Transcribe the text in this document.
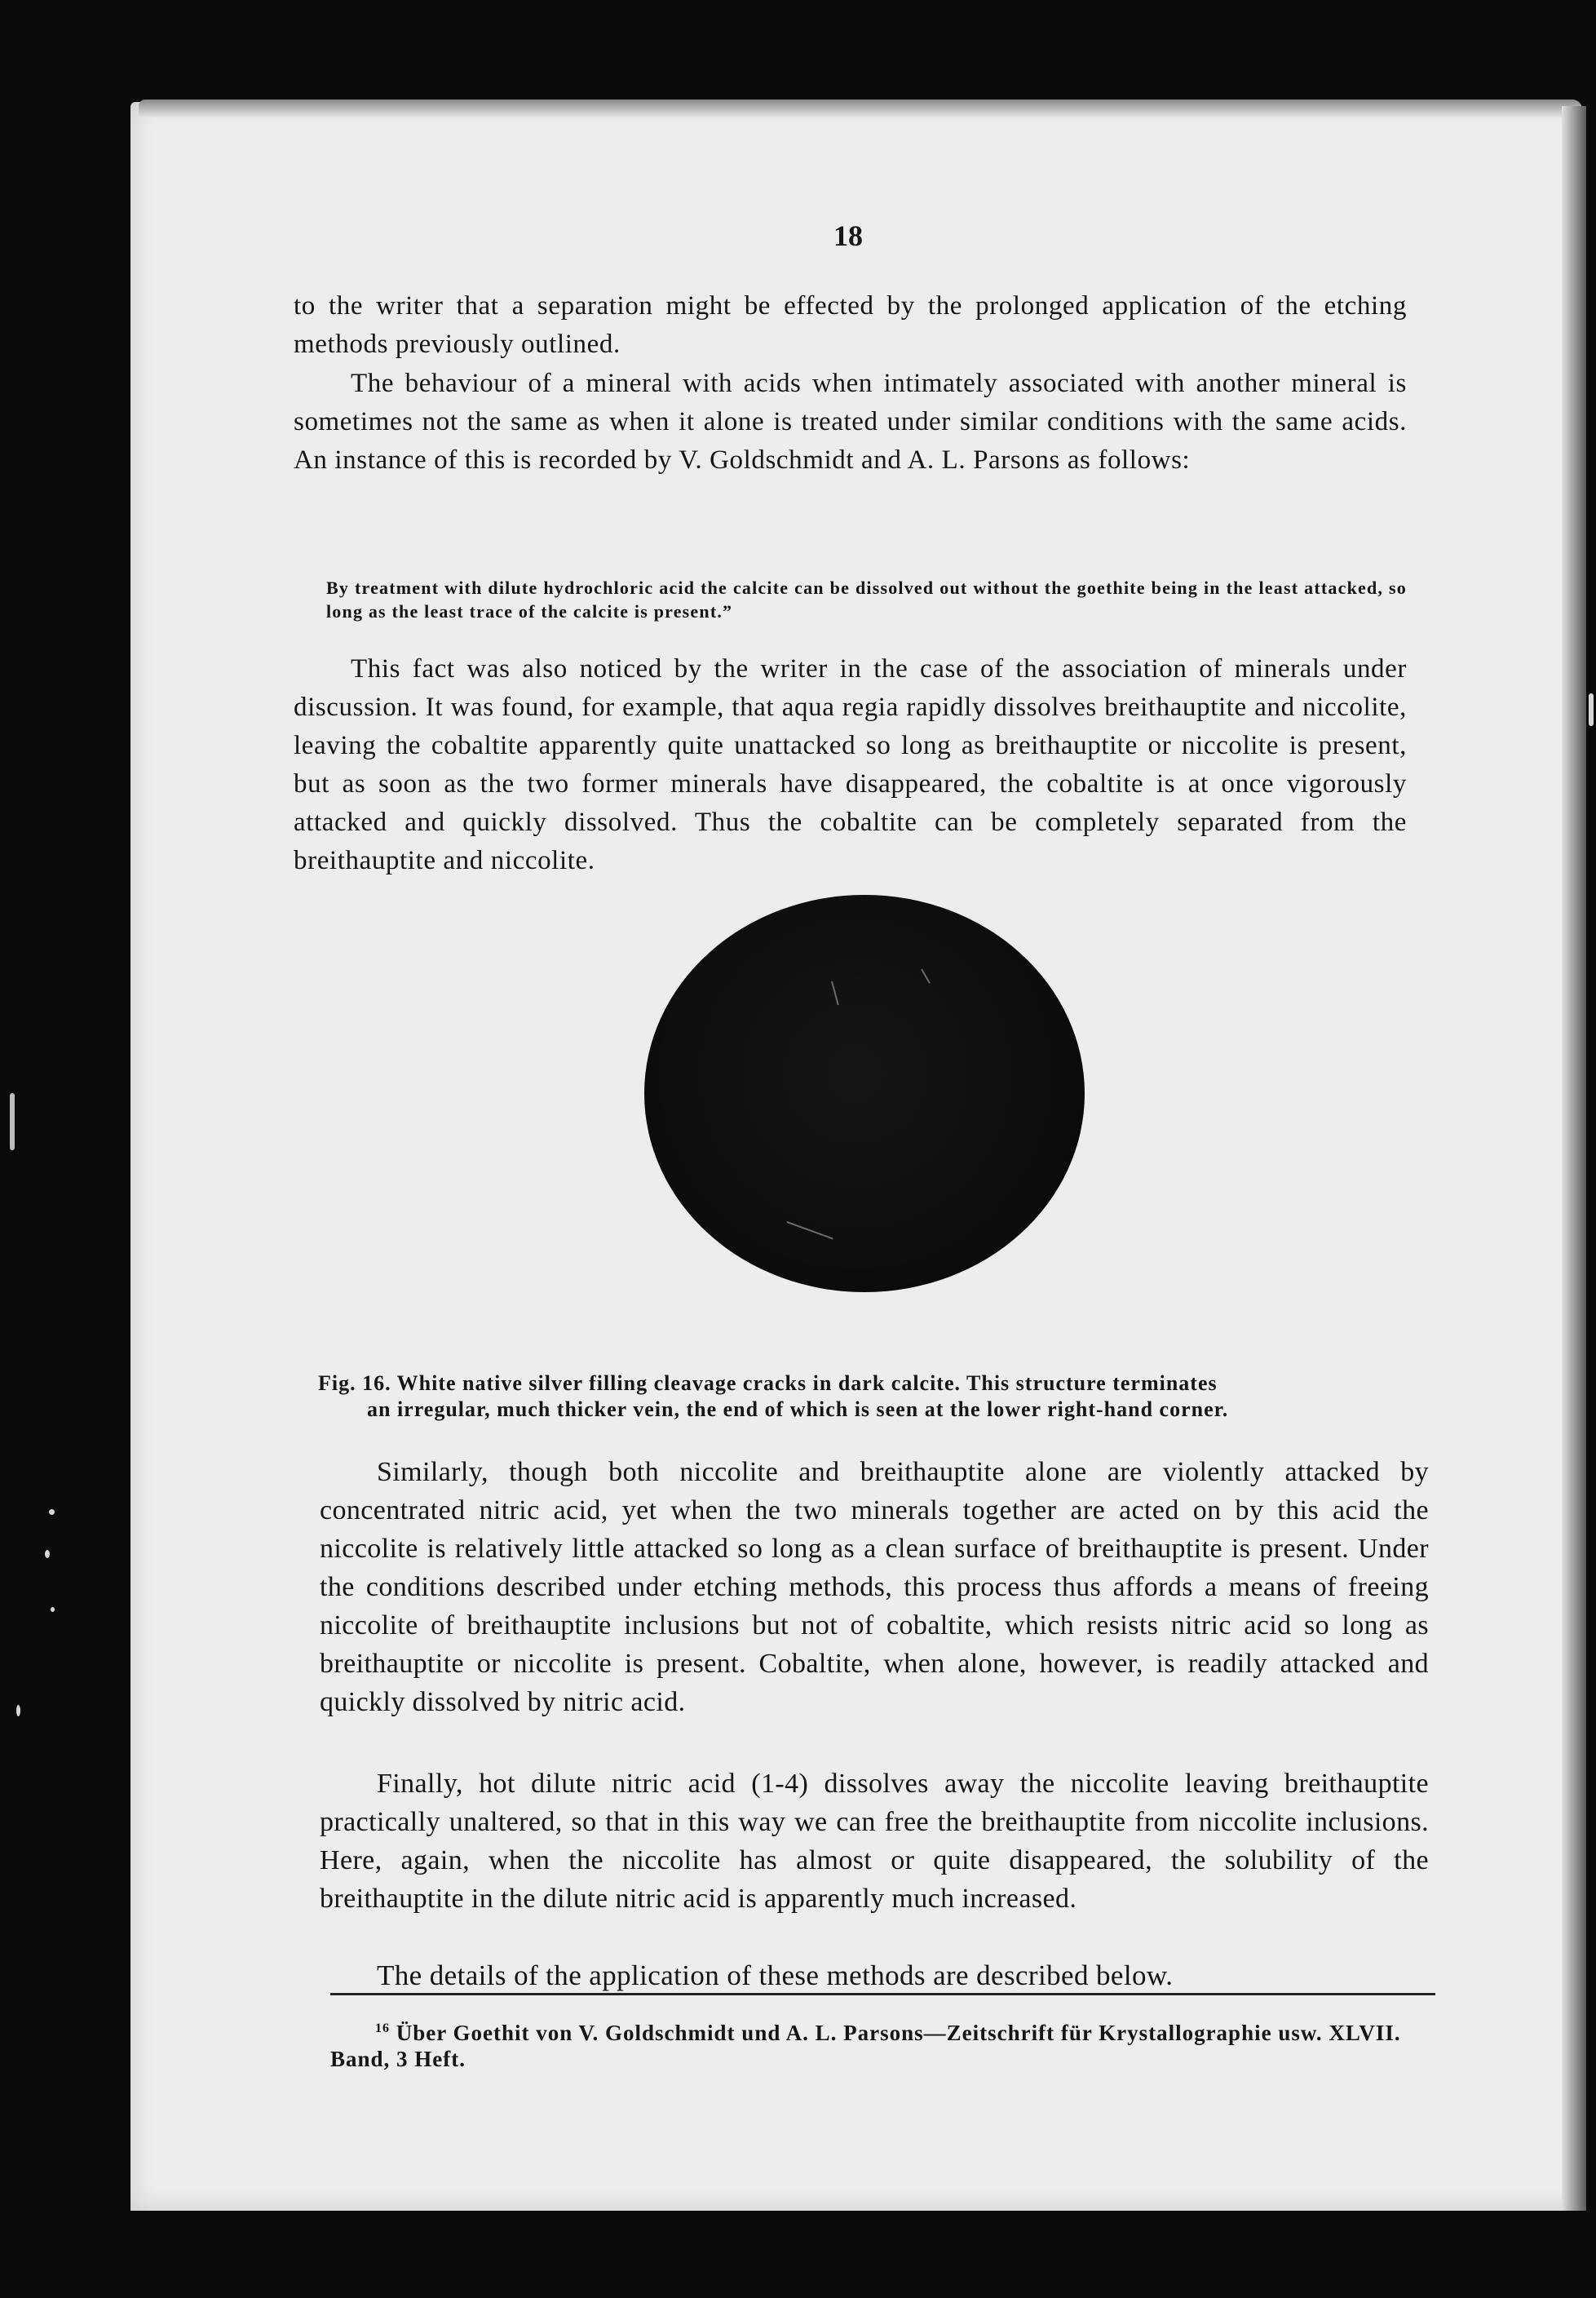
18
to the writer that a separation might be effected by the prolonged application of the etching methods previously outlined.
The behaviour of a mineral with acids when intimately associated with another mineral is sometimes not the same as when it alone is treated under similar conditions with the same acids. An instance of this is recorded by V. Goldschmidt and A. L. Parsons as follows:
By treatment with dilute hydrochloric acid the calcite can be dissolved out without the goethite being in the least attacked, so long as the least trace of the calcite is present.”
This fact was also noticed by the writer in the case of the association of minerals under discussion. It was found, for example, that aqua regia rapidly dissolves breithauptite and niccolite, leaving the cobaltite apparently quite unattacked so long as breithauptite or niccolite is present, but as soon as the two former minerals have disappeared, the cobaltite is at once vigorously attacked and quickly dissolved. Thus the cobaltite can be completely separated from the breithauptite and niccolite.
Fig. 16. White native silver filling cleavage cracks in dark calcite. This structure terminates
an irregular, much thicker vein, the end of which is seen at the lower right-hand corner.
Similarly, though both niccolite and breithauptite alone are violently attacked by concentrated nitric acid, yet when the two minerals together are acted on by this acid the niccolite is relatively little attacked so long as a clean surface of breithauptite is present. Under the conditions described under etching methods, this process thus affords a means of freeing niccolite of breithauptite inclusions but not of cobaltite, which resists nitric acid so long as breithauptite or niccolite is present. Cobaltite, when alone, however, is readily attacked and quickly dissolved by nitric acid.
Finally, hot dilute nitric acid (1-4) dissolves away the niccolite leaving breithauptite practically unaltered, so that in this way we can free the breithauptite from niccolite inclusions. Here, again, when the niccolite has almost or quite disappeared, the solubility of the breithauptite in the dilute nitric acid is apparently much increased.
The details of the application of these methods are described below.
$^{16}$ Über Goethit von V. Goldschmidt und A. L. Parsons—Zeitschrift für Krystallographie usw. XLVII. Band, 3 Heft.
